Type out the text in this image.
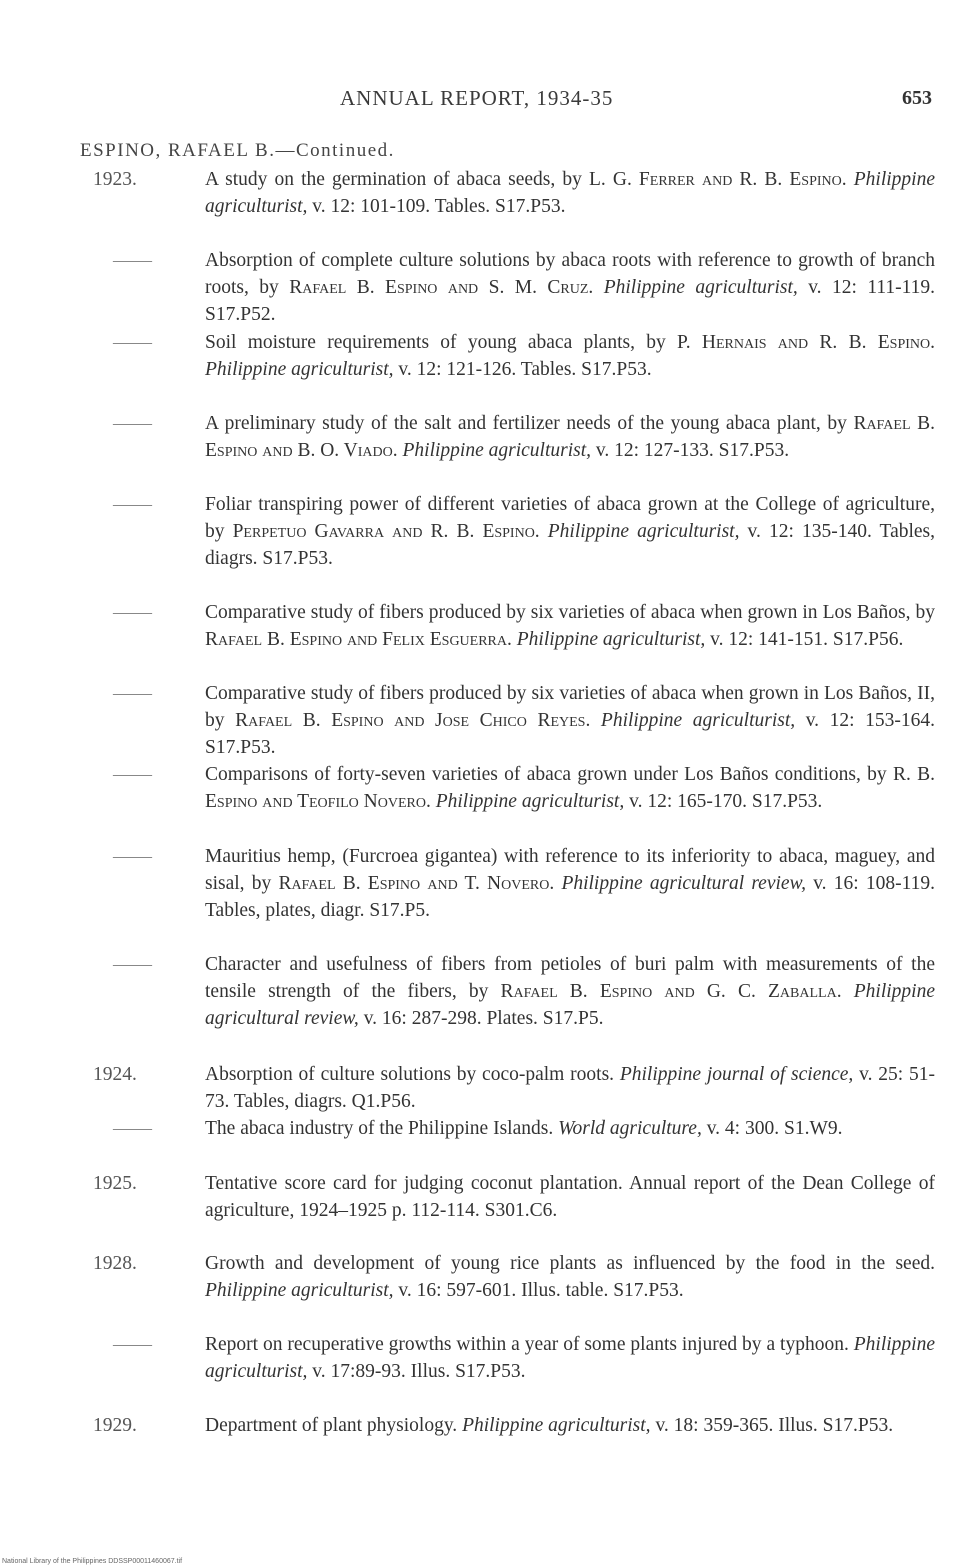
ANNUAL REPORT, 1934-35	653
ESPINO, RAFAEL B.—Continued.
1923.	A study on the germination of abaca seeds, by L. G. Ferrer and R. B. Espino. Philippine agriculturist, v. 12: 101-109. Tables. S17.P53.
——	Absorption of complete culture solutions by abaca roots with reference to growth of branch roots, by Rafael B. Espino and S. M. Cruz. Philippine agriculturist, v. 12: 111-119. S17.P52.
——	Soil moisture requirements of young abaca plants, by P. Hernais and R. B. Espino. Philippine agriculturist, v. 12: 121-126. Tables. S17.P53.
——	A preliminary study of the salt and fertilizer needs of the young abaca plant, by Rafael B. Espino and B. O. Viado. Philippine agriculturist, v. 12: 127-133. S17.P53.
——	Foliar transpiring power of different varieties of abaca grown at the College of agriculture, by Perpetuo Gavarra and R. B. Espino. Philippine agriculturist, v. 12: 135-140. Tables, diagrs. S17.P53.
——	Comparative study of fibers produced by six varieties of abaca when grown in Los Baños, by Rafael B. Espino and Felix Esguerra. Philippine agriculturist, v. 12: 141-151. S17.P56.
——	Comparative study of fibers produced by six varieties of abaca when grown in Los Baños, II, by Rafael B. Espino and Jose Chico Reyes. Philippine agriculturist, v. 12: 153-164. S17.P53.
——	Comparisons of forty-seven varieties of abaca grown under Los Baños conditions, by R. B. Espino and Teofilo Novero. Philippine agriculturist, v. 12: 165-170. S17.P53.
——	Mauritius hemp, (Furcroea gigantea) with reference to its inferiority to abaca, maguey, and sisal, by Rafael B. Espino and T. Novero. Philippine agricultural review, v. 16: 108-119. Tables, plates, diagr. S17.P5.
——	Character and usefulness of fibers from petioles of buri palm with measurements of the tensile strength of the fibers, by Rafael B. Espino and G. C. Zaballa. Philippine agricultural review, v. 16: 287-298. Plates. S17.P5.
1924.	Absorption of culture solutions by coco-palm roots. Philippine journal of science, v. 25: 51-73. Tables, diagrs. Q1.P56.
——	The abaca industry of the Philippine Islands. World agriculture, v. 4: 300. S1.W9.
1925.	Tentative score card for judging coconut plantation. Annual report of the Dean College of agriculture, 1924–1925 p. 112-114. S301.C6.
1928.	Growth and development of young rice plants as influenced by the food in the seed. Philippine agriculturist, v. 16: 597-601. Illus. table. S17.P53.
——	Report on recuperative growths within a year of some plants injured by a typhoon. Philippine agriculturist, v. 17:89-93. Illus. S17.P53.
1929.	Department of plant physiology. Philippine agriculturist, v. 18: 359-365. Illus. S17.P53.
National Library of the Philippines DDSSP00011460067.tif
